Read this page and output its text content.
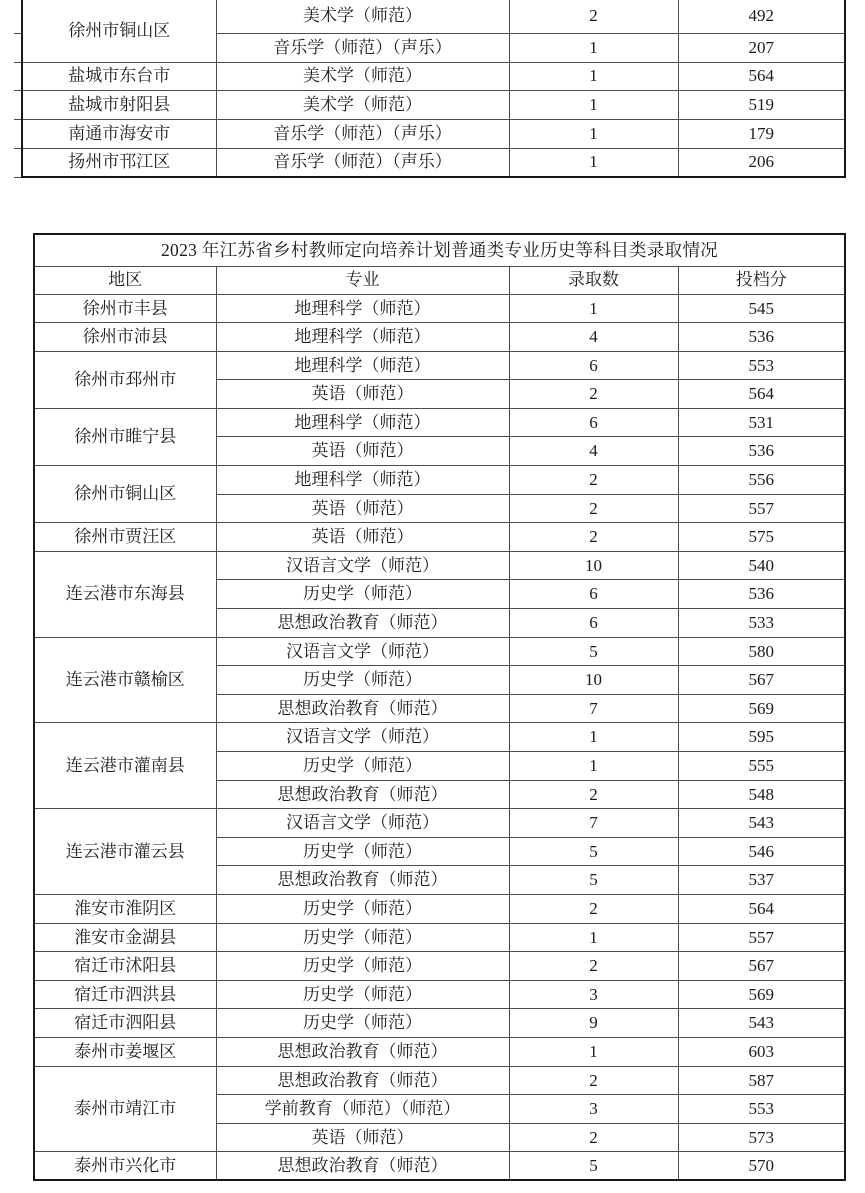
徐州市铜山区	美术学（师范）	2	492
	音乐学（师范）（声乐）	1	207
盐城市东台市	美术学（师范）	1	564
盐城市射阳县	美术学（师范）	1	519
南通市海安市	音乐学（师范）（声乐）	1	179
扬州市邗江区	音乐学（师范）（声乐）	1	206
2023 年江苏省乡村教师定向培养计划普通类专业历史等科目类录取情况			
地区	专业	录取数	投档分
徐州市丰县	地理科学（师范）	1	545
徐州市沛县	地理科学（师范）	4	536
徐州市邳州市	地理科学（师范）	6	553
	英语（师范）	2	564
徐州市睢宁县	地理科学（师范）	6	531
	英语（师范）	4	536
徐州市铜山区	地理科学（师范）	2	556
	英语（师范）	2	557
徐州市贾汪区	英语（师范）	2	575
连云港市东海县	汉语言文学（师范）	10	540
	历史学（师范）	6	536
	思想政治教育（师范）	6	533
连云港市赣榆区	汉语言文学（师范）	5	580
	历史学（师范）	10	567
	思想政治教育（师范）	7	569
连云港市灌南县	汉语言文学（师范）	1	595
	历史学（师范）	1	555
	思想政治教育（师范）	2	548
连云港市灌云县	汉语言文学（师范）	7	543
	历史学（师范）	5	546
	思想政治教育（师范）	5	537
淮安市淮阴区	历史学（师范）	2	564
淮安市金湖县	历史学（师范）	1	557
宿迁市沭阳县	历史学（师范）	2	567
宿迁市泗洪县	历史学（师范）	3	569
宿迁市泗阳县	历史学（师范）	9	543
泰州市姜堰区	思想政治教育（师范）	1	603
泰州市靖江市	思想政治教育（师范）	2	587
	学前教育（师范）（师范）	3	553
	英语（师范）	2	573
泰州市兴化市	思想政治教育（师范）	5	570
